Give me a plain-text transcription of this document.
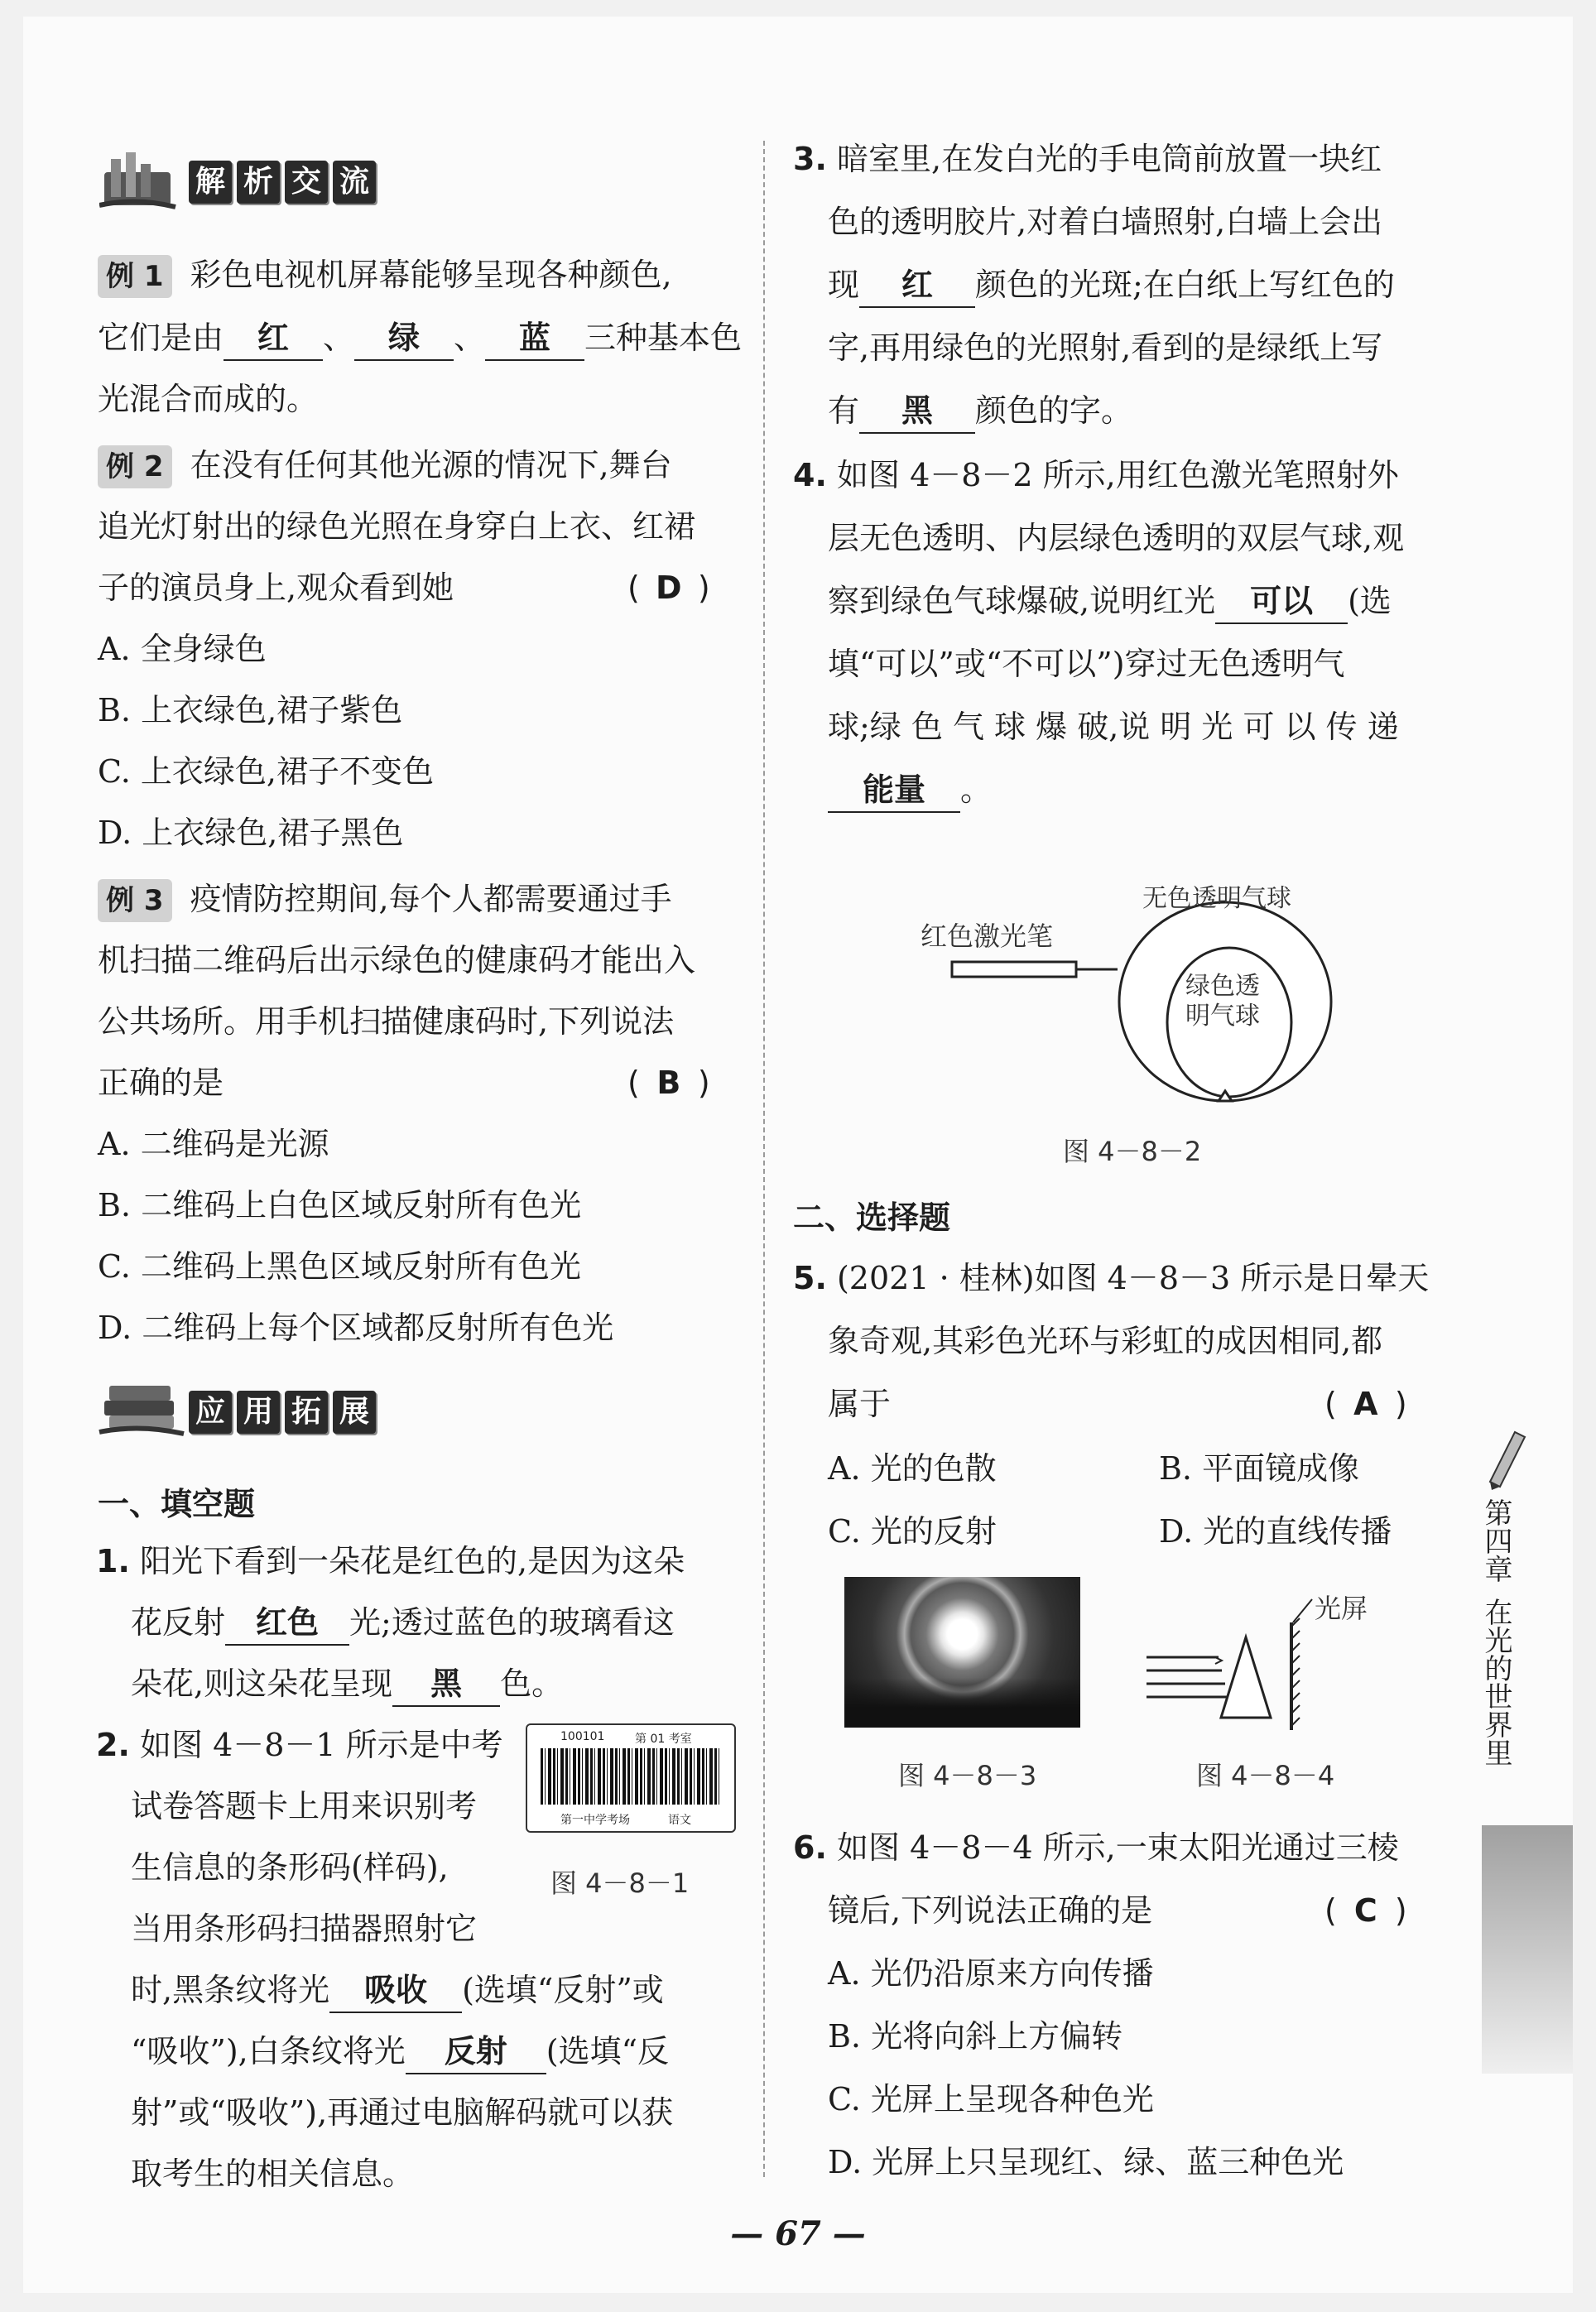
解 析 交 流
例 1 彩色电视机屏幕能够呈现各种颜色,
它们是由 红 、 绿 、 蓝 三种基本色
光混合而成的。
例 2 在没有任何其他光源的情况下,舞台
追光灯射出的绿色光照在身穿白上衣、红裙
子的演员身上,观众看到她	( D )
A. 全身绿色
B. 上衣绿色,裙子紫色
C. 上衣绿色,裙子不变色
D. 上衣绿色,裙子黑色
例 3 疫情防控期间,每个人都需要通过手
机扫描二维码后出示绿色的健康码才能出入
公共场所。用手机扫描健康码时,下列说法
正确的是	( B )
A. 二维码是光源
B. 二维码上白色区域反射所有色光
C. 二维码上黑色区域反射所有色光
D. 二维码上每个区域都反射所有色光
应 用 拓 展
一、填空题
1. 阳光下看到一朵花是红色的,是因为这朵
花反射 红色 光;透过蓝色的玻璃看这
朵花,则这朵花呈现 黑 色。
2. 如图 4－8－1 所示是中考
试卷答题卡上用来识别考
生信息的条形码(样码),
当用条形码扫描器照射它
时,黑条纹将光 吸收 (选填“反射”或
“吸收”),白条纹将光 反射 (选填“反
射”或“吸收”),再通过电脑解码就可以获
取考生的相关信息。
100101	第 01 考室
第一中学考场	语文
图 4－8－1
3. 暗室里,在发白光的手电筒前放置一块红
色的透明胶片,对着白墙照射,白墙上会出
现 红 颜色的光斑;在白纸上写红色的
字,再用绿色的光照射,看到的是绿纸上写
有 黑 颜色的字。
4. 如图 4－8－2 所示,用红色激光笔照射外
层无色透明、内层绿色透明的双层气球,观
察到绿色气球爆破,说明红光 可以 (选
填“可以”或“不可以”)穿过无色透明气
球;绿 色 气 球 爆 破,说 明 光 可 以 传 递
能量 。
红色激光笔
无色透明气球
绿色透
明气球
图 4－8－2
二、选择题
5. (2021 · 桂林)如图 4－8－3 所示是日晕天
象奇观,其彩色光环与彩虹的成因相同,都
属于	( A )
A. 光的色散	B. 平面镜成像
C. 光的反射	D. 光的直线传播
图 4－8－3
光屏
图 4－8－4
6. 如图 4－8－4 所示,一束太阳光通过三棱
镜后,下列说法正确的是	( C )
A. 光仍沿原来方向传播
B. 光将向斜上方偏转
C. 光屏上呈现各种色光
D. 光屏上只呈现红、绿、蓝三种色光
第四章
在光的世界里
— 67 —
